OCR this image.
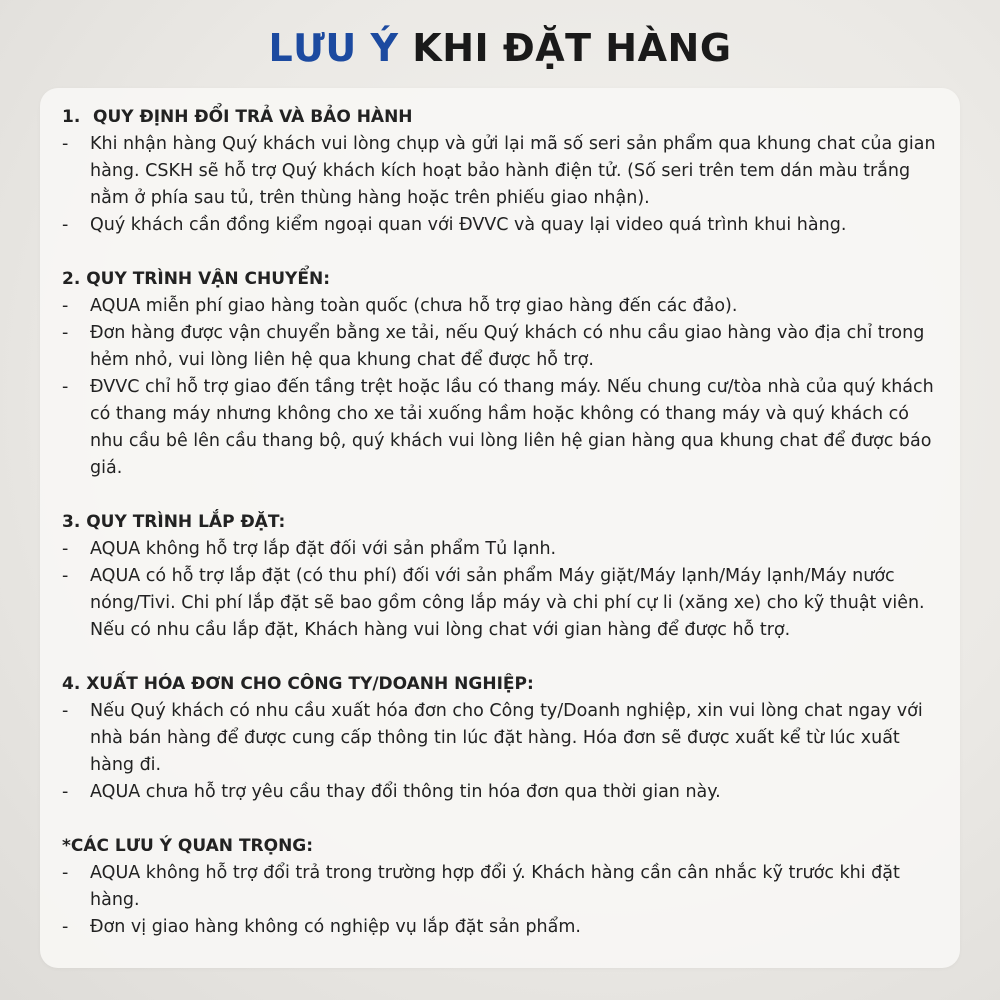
LƯU Ý KHI ĐẶT HÀNG

1. QUY ĐỊNH ĐỔI TRẢ VÀ BẢO HÀNH

- Khi nhận hàng Quý khách vui lòng chụp và gửi lại mã số seri sản phẩm qua khung chat của gian hàng. CSKH sẽ hỗ trợ Quý khách kích hoạt bảo hành điện tử. (Số seri trên tem dán màu trắng nằm ở phía sau tủ, trên thùng hàng hoặc trên phiếu giao nhận).
- Quý khách cần đồng kiểm ngoại quan với ĐVVC và quay lại video quá trình khui hàng.

2. QUY TRÌNH VẬN CHUYỂN:

- AQUA miễn phí giao hàng toàn quốc (chưa hỗ trợ giao hàng đến các đảo).
- Đơn hàng được vận chuyển bằng xe tải, nếu Quý khách có nhu cầu giao hàng vào địa chỉ trong hẻm nhỏ, vui lòng liên hệ qua khung chat để được hỗ trợ.
- ĐVVC chỉ hỗ trợ giao đến tầng trệt hoặc lầu có thang máy. Nếu chung cư/tòa nhà của quý khách có thang máy nhưng không cho xe tải xuống hầm hoặc không có thang máy và quý khách có nhu cầu bê lên cầu thang bộ, quý khách vui lòng liên hệ gian hàng qua khung chat để được báo giá.

3. QUY TRÌNH LẮP ĐẶT:

- AQUA không hỗ trợ lắp đặt đối với sản phẩm Tủ lạnh.
- AQUA có hỗ trợ lắp đặt (có thu phí) đối với sản phẩm Máy giặt/Máy lạnh/Máy lạnh/Máy nước nóng/Tivi. Chi phí lắp đặt sẽ bao gồm công lắp máy và chi phí cự li (xăng xe) cho kỹ thuật viên. Nếu có nhu cầu lắp đặt, Khách hàng vui lòng chat với gian hàng để được hỗ trợ.

4. XUẤT HÓA ĐƠN CHO CÔNG TY/DOANH NGHIỆP:

- Nếu Quý khách có nhu cầu xuất hóa đơn cho Công ty/Doanh nghiệp, xin vui lòng chat ngay với nhà bán hàng để được cung cấp thông tin lúc đặt hàng. Hóa đơn sẽ được xuất kể từ lúc xuất hàng đi.
- AQUA chưa hỗ trợ yêu cầu thay đổi thông tin hóa đơn qua thời gian này.

*CÁC LƯU Ý QUAN TRỌNG:

- AQUA không hỗ trợ đổi trả trong trường hợp đổi ý. Khách hàng cần cân nhắc kỹ trước khi đặt hàng.
- Đơn vị giao hàng không có nghiệp vụ lắp đặt sản phẩm.
